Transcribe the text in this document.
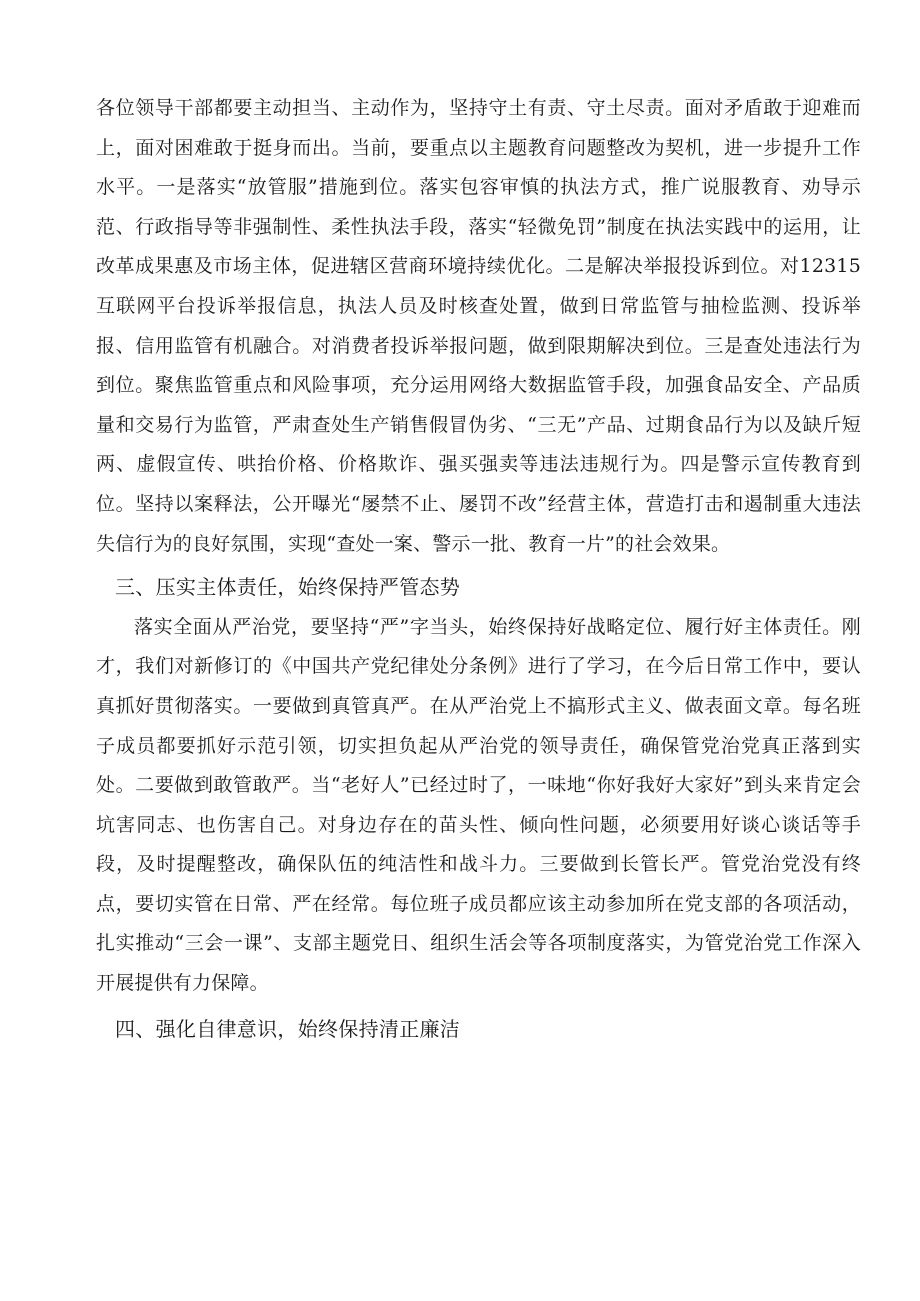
各位领导干部都要主动担当、主动作为，坚持守土有责、守土尽责。面对矛盾敢于迎难而上，面对困难敢于挺身而出。当前，要重点以主题教育问题整改为契机，进一步提升工作水平。一是落实“放管服”措施到位。落实包容审慎的执法方式，推广说服教育、劝导示范、行政指导等非强制性、柔性执法手段，落实“轻微免罚”制度在执法实践中的运用，让改革成果惠及市场主体，促进辖区营商环境持续优化。二是解决举报投诉到位。对12315互联网平台投诉举报信息，执法人员及时核查处置，做到日常监管与抽检监测、投诉举报、信用监管有机融合。对消费者投诉举报问题，做到限期解决到位。三是查处违法行为到位。聚焦监管重点和风险事项，充分运用网络大数据监管手段，加强食品安全、产品质量和交易行为监管，严肃查处生产销售假冒伪劣、“三无”产品、过期食品行为以及缺斤短两、虚假宣传、哄抬价格、价格欺诈、强买强卖等违法违规行为。四是警示宣传教育到位。坚持以案释法，公开曝光“屡禁不止、屡罚不改”经营主体，营造打击和遏制重大违法失信行为的良好氛围，实现“查处一案、警示一批、教育一片”的社会效果。

三、压实主体责任，始终保持严管态势

落实全面从严治党，要坚持“严”字当头，始终保持好战略定位、履行好主体责任。刚才，我们对新修订的《中国共产党纪律处分条例》进行了学习，在今后日常工作中，要认真抓好贯彻落实。一要做到真管真严。在从严治党上不搞形式主义、做表面文章。每名班子成员都要抓好示范引领，切实担负起从严治党的领导责任，确保管党治党真正落到实处。二要做到敢管敢严。当“老好人”已经过时了，一味地“你好我好大家好”到头来肯定会坑害同志、也伤害自己。对身边存在的苗头性、倾向性问题，必须要用好谈心谈话等手段，及时提醒整改，确保队伍的纯洁性和战斗力。三要做到长管长严。管党治党没有终点，要切实管在日常、严在经常。每位班子成员都应该主动参加所在党支部的各项活动，扎实推动“三会一课”、支部主题党日、组织生活会等各项制度落实，为管党治党工作深入开展提供有力保障。

四、强化自律意识，始终保持清正廉洁
